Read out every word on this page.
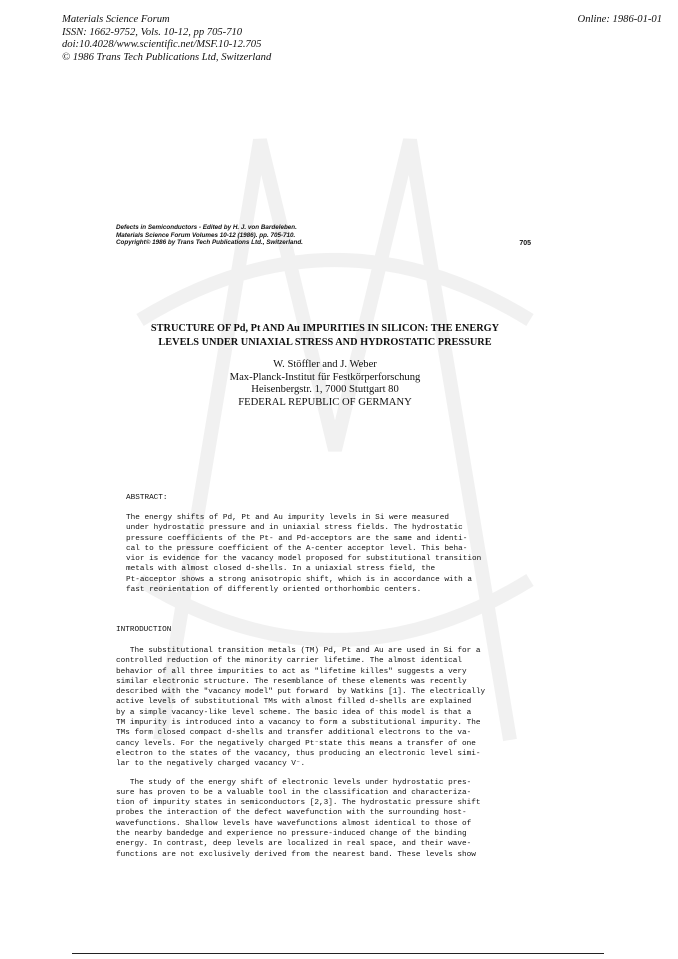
Materials Science Forum
ISSN: 1662-9752, Vols. 10-12, pp 705-710
doi:10.4028/www.scientific.net/MSF.10-12.705
© 1986 Trans Tech Publications Ltd, Switzerland
Online: 1986-01-01
Defects in Semiconductors - Edited by H. J. von Bardeleben.
Materials Science Forum Volumes 10-12 (1986). pp. 705-710.
Copyright© 1986 by Trans Tech Publications Ltd., Switzerland.	705
STRUCTURE OF Pd, Pt AND Au IMPURITIES IN SILICON: THE ENERGY
LEVELS UNDER UNIAXIAL STRESS AND HYDROSTATIC PRESSURE
W. Stöffler and J. Weber
Max-Planck-Institut für Festkörperforschung
Heisenbergstr. 1, 7000 Stuttgart 80
FEDERAL REPUBLIC OF GERMANY
ABSTRACT:
The energy shifts of Pd, Pt and Au impurity levels in Si were measured
under hydrostatic pressure and in uniaxial stress fields. The hydrostatic
pressure coefficients of the Pt- and Pd-acceptors are the same and identi-
cal to the pressure coefficient of the A-center acceptor level. This beha-
vior is evidence for the vacancy model proposed for substitutional transition
metals with almost closed d-shells. In a uniaxial stress field, the
Pt-acceptor shows a strong anisotropic shift, which is in accordance with a
fast reorientation of differently oriented orthorhombic centers.
INTRODUCTION

The substitutional transition metals (TM) Pd, Pt and Au are used in Si for a
controlled reduction of the minority carrier lifetime. The almost identical
behavior of all three impurities to act as "lifetime killes" suggests a very
similar electronic structure. The resemblance of these elements was recently
described with the "vacancy model" put forward  by Watkins [1]. The electrically
active levels of substitutional TMs with almost filled d-shells are explained
by a simple vacancy-like level scheme. The basic idea of this model is that a
TM impurity is introduced into a vacancy to form a substitutional impurity. The
TMs form closed compact d-shells and transfer additional electrons to the va-
cancy levels. For the negatively charged Pt⁻state this means a transfer of one
electron to the states of the vacancy, thus producing an electronic level simi-
lar to the negatively charged vacancy V⁻.

The study of the energy shift of electronic levels under hydrostatic pres-
sure has proven to be a valuable tool in the classification and characteriza-
tion of impurity states in semiconductors [2,3]. The hydrostatic pressure shift
probes the interaction of the defect wavefunction with the surrounding host-
wavefunctions. Shallow levels have wavefunctions almost identical to those of
the nearby bandedge and experience no pressure-induced change of the binding
energy. In contrast, deep levels are localized in real space, and their wave-
functions are not exclusively derived from the nearest band. These levels show
